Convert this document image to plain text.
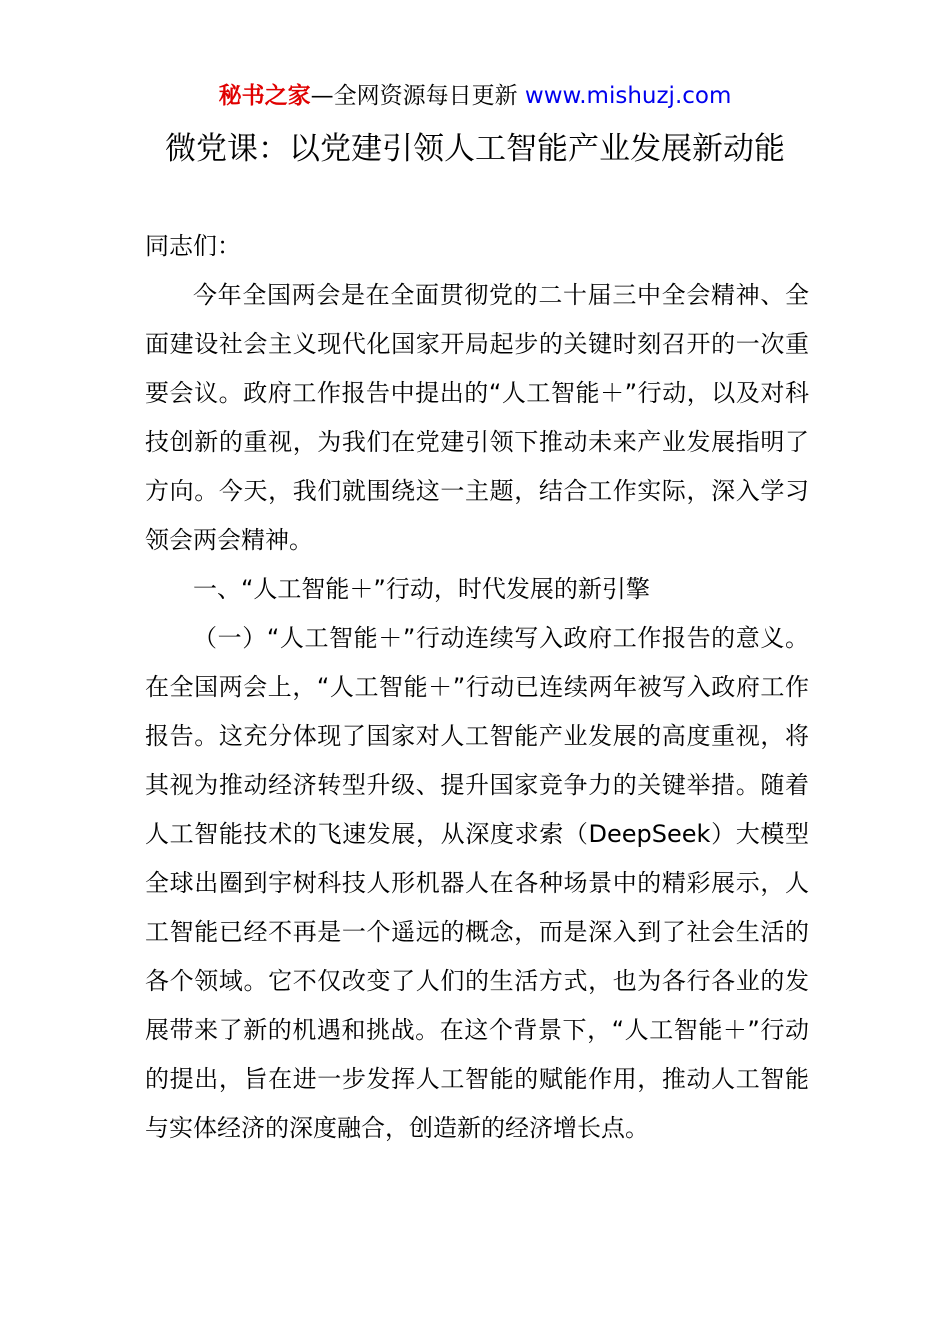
秘书之家—全网资源每日更新 www.mishuzj.com
微党课：以党建引领人工智能产业发展新动能

同志们：

今年全国两会是在全面贯彻党的二十届三中全会精神、全面建设社会主义现代化国家开局起步的关键时刻召开的一次重要会议。政府工作报告中提出的“人工智能＋”行动，以及对科技创新的重视，为我们在党建引领下推动未来产业发展指明了方向。今天，我们就围绕这一主题，结合工作实际，深入学习领会两会精神。

一、“人工智能＋”行动，时代发展的新引擎

（一）“人工智能＋”行动连续写入政府工作报告的意义。在全国两会上，“人工智能＋”行动已连续两年被写入政府工作报告。这充分体现了国家对人工智能产业发展的高度重视，将其视为推动经济转型升级、提升国家竞争力的关键举措。随着人工智能技术的飞速发展，从深度求索（DeepSeek）大模型全球出圈到宇树科技人形机器人在各种场景中的精彩展示，人工智能已经不再是一个遥远的概念，而是深入到了社会生活的各个领域。它不仅改变了人们的生活方式，也为各行各业的发展带来了新的机遇和挑战。在这个背景下，“人工智能＋”行动的提出，旨在进一步发挥人工智能的赋能作用，推动人工智能与实体经济的深度融合，创造新的经济增长点。
